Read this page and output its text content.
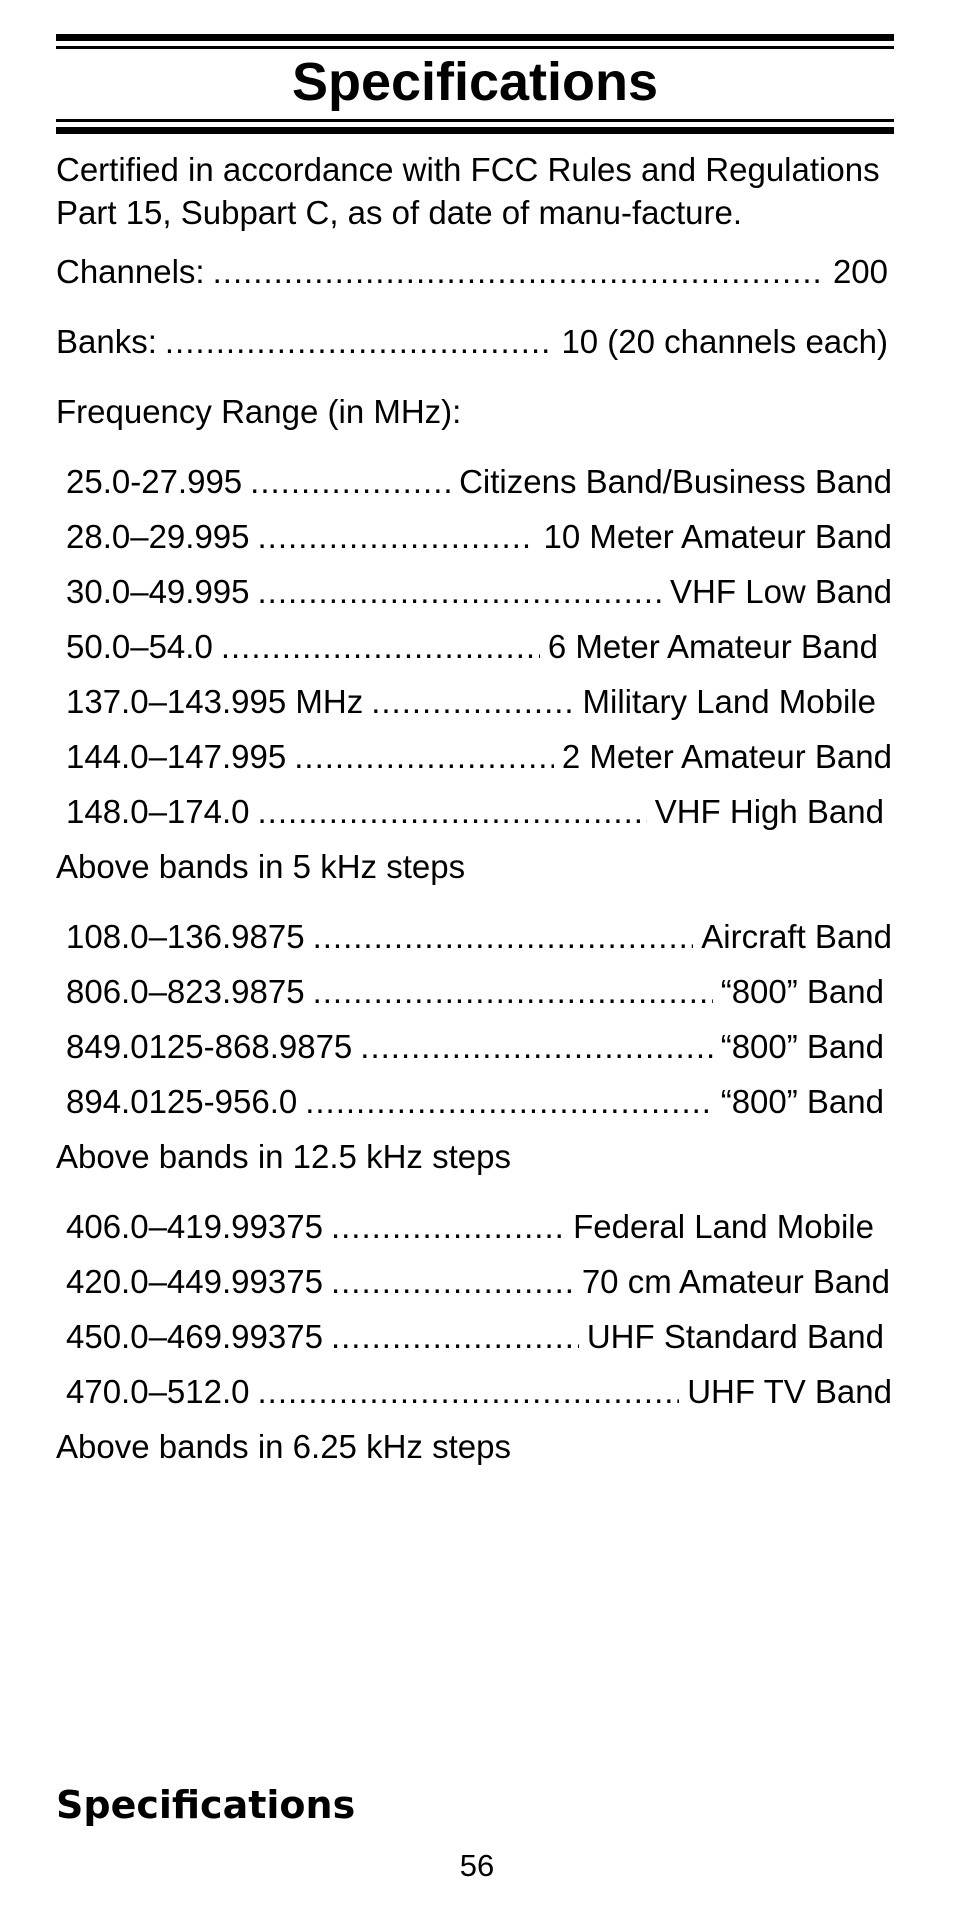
Specifications
Certified in accordance with FCC Rules and Regulations Part 15, Subpart C, as of date of manu-facture.
Channels: .....	200
Banks: .....	10 (20 channels each)
Frequency Range (in MHz):
25.0-27.995 .....	Citizens Band/Business Band
28.0–29.995 .....	10 Meter Amateur Band
30.0–49.995 .....	VHF Low Band
50.0–54.0 .....	6 Meter Amateur Band
137.0–143.995 MHz .....	Military Land Mobile
144.0–147.995 .....	2 Meter Amateur Band
148.0–174.0 .....	VHF High Band
Above bands in 5 kHz steps
108.0–136.9875 .....	Aircraft Band
806.0–823.9875 .....	“800” Band
849.0125-868.9875 .....	“800” Band
894.0125-956.0 .....	“800” Band
Above bands in 12.5 kHz steps
406.0–419.99375 .....	Federal Land Mobile
420.0–449.99375 .....	70 cm Amateur Band
450.0–469.99375 .....	UHF Standard Band
470.0–512.0 .....	UHF TV Band
Above bands in 6.25 kHz steps
Specifications
56
